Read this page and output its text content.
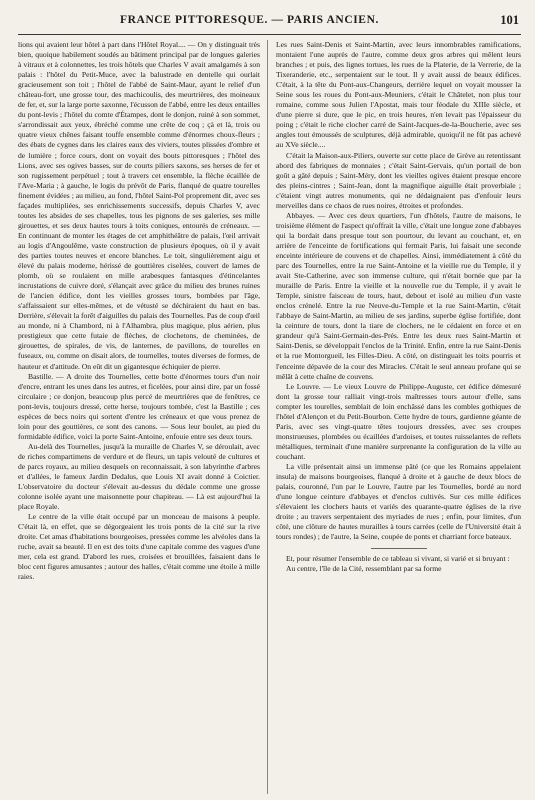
FRANCE PITTORESQUE. — PARIS ANCIEN.	101

lions qui avaient leur hôtel à part dans l'Hôtel Royal.... — On y distinguait très bien, quoique habilement soudés au bâtiment principal par de longues galeries à vitraux et à colonnettes, les trois hôtels que Charles V avait amalgamés à son palais : l'hôtel du Petit-Muce, avec la balustrade en dentelle qui ourlait gracieusement son toit ; l'hôtel de l'abbé de Saint-Maur, ayant le relief d'un château-fort, une grosse tour, des machicoulis, des meurtrières, des moineaux de fer, et, sur la large porte saxonne, l'écusson de l'abbé, entre les deux entailles du pont-levis ; l'hôtel du comte d'Étampes, dont le donjon, ruiné à son sommet, s'arrondissait aux yeux, ébréché comme une crête de coq ; çà et là, trois ou quatre vieux chênes faisant touffe ensemble comme d'énormes choux-fleurs ; des ébats de cygnes dans les claires eaux des viviers, toutes plissées d'ombre et de lumière ; force cours, dont on voyait des bouts pittoresques ; l'hôtel des Lions, avec ses ogives basses, sur de courts piliers saxons, ses herses de fer et son rugissement perpétuel ; tout à travers cet ensemble, la flèche écaillée de l'Ave-Maria ; à gauche, le logis du prévôt de Paris, flanqué de quatre tourelles finement évidées ; au milieu, au fond, l'hôtel Saint-Pol proprement dit, avec ses façades multipliées, ses enrichissements successifs, depuis Charles V, avec toutes les absides de ses chapelles, tous les pignons de ses galeries, ses mille girouettes, et ses deux hautes tours à toits coniques, entourés de créneaux. — En continuant de monter les étages de cet amphithéâtre de palais, l'œil arrivait au logis d'Angoulême, vaste construction de plusieurs époques, où il y avait des parties toutes neuves et encore blanches. Le toit, singulièrement aigu et élevé du palais moderne, hérissé de gouttières ciselées, couvert de lames de plomb, où se roulaient en mille arabesques fantasques d'étincelantes incrustations de cuivre doré, s'élançait avec grâce du milieu des brunes ruines de l'ancien édifice, dont les vieilles grosses tours, bombées par l'âge, s'affaissaient sur elles-mêmes, et de vétusté se déchiraient du haut en bas. Derrière, s'élevait la forêt d'aiguilles du palais des Tournelles. Pas de coup d'œil au monde, ni à Chambord, ni à l'Alhambra, plus magique, plus aérien, plus prestigieux que cette futaie de flèches, de clochetons, de cheminées, de girouettes, de spirales, de vis, de lanternes, de pavillons, de tourelles en fuseaux, ou, comme on disait alors, de tournelles, toutes diverses de formes, de hauteur et d'attitude. On eût dit un gigantesque échiquier de pierre.

Bastille. — A droite des Tournelles, cette botte d'énormes tours d'un noir d'encre, entrant les unes dans les autres, et ficelées, pour ainsi dire, par un fossé circulaire ; ce donjon, beaucoup plus percé de meurtrières que de fenêtres, ce pont-levis, toujours dressé, cette herse, toujours tombée, c'est la Bastille ; ces espèces de becs noirs qui sortent d'entre les créneaux et que vous prenez de loin pour des gouttières, ce sont des canons. — Sous leur boulet, au pied du formidable édifice, voici la porte Saint-Antoine, enfouie entre ses deux tours.

Au-delà des Tournelles, jusqu'à la muraille de Charles V, se déroulait, avec de riches compartimens de verdure et de fleurs, un tapis velouté de cultures et de parcs royaux, au milieu desquels on reconnaissait, à son labyrinthe d'arbres et d'allées, le fameux Jardin Dedalus, que Louis XI avait donné à Coictier. L'observatoire du docteur s'élevait au-dessus du dédale comme une grosse colonne isolée ayant une maisonnette pour chapiteau. — Là est aujourd'hui la place Royale.

Le centre de la ville était occupé par un monceau de maisons à peuple. C'était là, en effet, que se dégorgeaient les trois ponts de la cité sur la rive droite. Cet amas d'habitations bourgeoises, pressées comme les alvéoles dans la ruche, avait sa beauté. Il en est des toits d'une capitale comme des vagues d'une mer, cela est grand. D'abord les rues, croisées et brouillées, faisaient dans le bloc cent figures amusantes ; autour des halles, c'était comme une étoile à mille raies.

Les rues Saint-Denis et Saint-Martin, avec leurs innombrables ramifications, montaient l'une auprès de l'autre, comme deux gros arbres qui mêlent leurs branches ; et puis, des lignes tortues, les rues de la Platerie, de la Verrerie, de la Tixeranderie, etc., serpentaient sur le tout. Il y avait aussi de beaux édifices. C'était, à la tête du Pont-aux-Changeurs, derrière lequel on voyait mousser la Seine sous les roues du Pont-aux-Meuniers, c'était le Châtelet, non plus tour romaine, comme sous Julien l'Apostat, mais tour féodale du XIIIe siècle, et d'une pierre si dure, que le pic, en trois heures, n'en levait pas l'épaisseur du poing ; c'était le riche clocher carré de Saint-Jacques-de-la-Boucherie, avec ses angles tout émoussés de sculptures, déjà admirable, quoiqu'il ne fût pas achevé au XVe siècle....

C'était la Maison-aux-Piliers, ouverte sur cette place de Grève au retentissant abord des fabriques de monnaies ; c'était Saint-Gervais, qu'un portail de bon goût a gâté depuis ; Saint-Méry, dont les vieilles ogives étaient presque encore des pleins-cintres ; Saint-Jean, dont la magnifique aiguille était proverbiale ; c'étaient vingt autres monuments, qui ne dédaignaient pas d'enfouir leurs merveilles dans ce chaos de rues noires, étroites et profondes.

Abbayes. — Avec ces deux quartiers, l'un d'hôtels, l'autre de maisons, le troisième élément de l'aspect qu'offrait la ville, c'était une longue zone d'abbayes qui la bordait dans presque tout son pourtour, du levant au couchant, et, en arrière de l'enceinte de fortifications qui fermait Paris, lui faisait une seconde enceinte intérieure de couvens et de chapelles. Ainsi, immédiatement à côté du parc des Tournelles, entre la rue Saint-Antoine et la vieille rue du Temple, il y avait Ste-Catherine, avec son immense culture, qui n'était bornée que par la muraille de Paris. Entre la vieille et la nouvelle rue du Temple, il y avait le Temple, sinistre faisceau de tours, haut, debout et isolé au milieu d'un vaste enclos crénelé. Entre la rue Neuve-du-Temple et la rue Saint-Martin, c'était l'abbaye de Saint-Martin, au milieu de ses jardins, superbe église fortifiée, dont la ceinture de tours, dont la tiare de clochers, ne le cédaient en force et en grandeur qu'à Saint-Germain-des-Prés. Entre les deux rues Saint-Martin et Saint-Denis, se développait l'enclos de la Trinité. Enfin, entre la rue Saint-Denis et la rue Montorgueil, les Filles-Dieu. A côté, on distinguait les toits pourris et l'enceinte dépavée de la cour des Miracles. C'était le seul anneau profane qui se mêlât à cette chaîne de couvens.

Le Louvre. — Le vieux Louvre de Philippe-Auguste, cet édifice démesuré dont la grosse tour ralliait vingt-trois maîtresses tours autour d'elle, sans compter les tourelles, semblait de loin enchâssé dans les combles gothiques de l'hôtel d'Alençon et du Petit-Bourbon. Cette hydre de tours, gardienne géante de Paris, avec ses vingt-quatre têtes toujours dressées, avec ses croupes monstrueuses, plombées ou écaillées d'ardoises, et toutes ruisselantes de reflets métalliques, terminait d'une manière surprenante la configuration de la ville au couchant.

La ville présentait ainsi un immense pâté (ce que les Romains appelaient insula) de maisons bourgeoises, flanqué à droite et à gauche de deux blocs de palais, couronné, l'un par le Louvre, l'autre par les Tournelles, bordé au nord d'une longue ceinture d'abbayes et d'enclos cultivés. Sur ces mille édifices s'élevaient les clochers hauts et variés des quarante-quatre églises de la rive droite ; au travers serpentaient des myriades de rues ; enfin, pour limites, d'un côté, une clôture de hautes murailles à tours carrées (celle de l'Université était à tours rondes) ; de l'autre, la Seine, coupée de ponts et charriant force bateaux.

Et, pour résumer l'ensemble de ce tableau si vivant, si varié et si bruyant :

Au centre, l'île de la Cité, ressemblant par sa forme
